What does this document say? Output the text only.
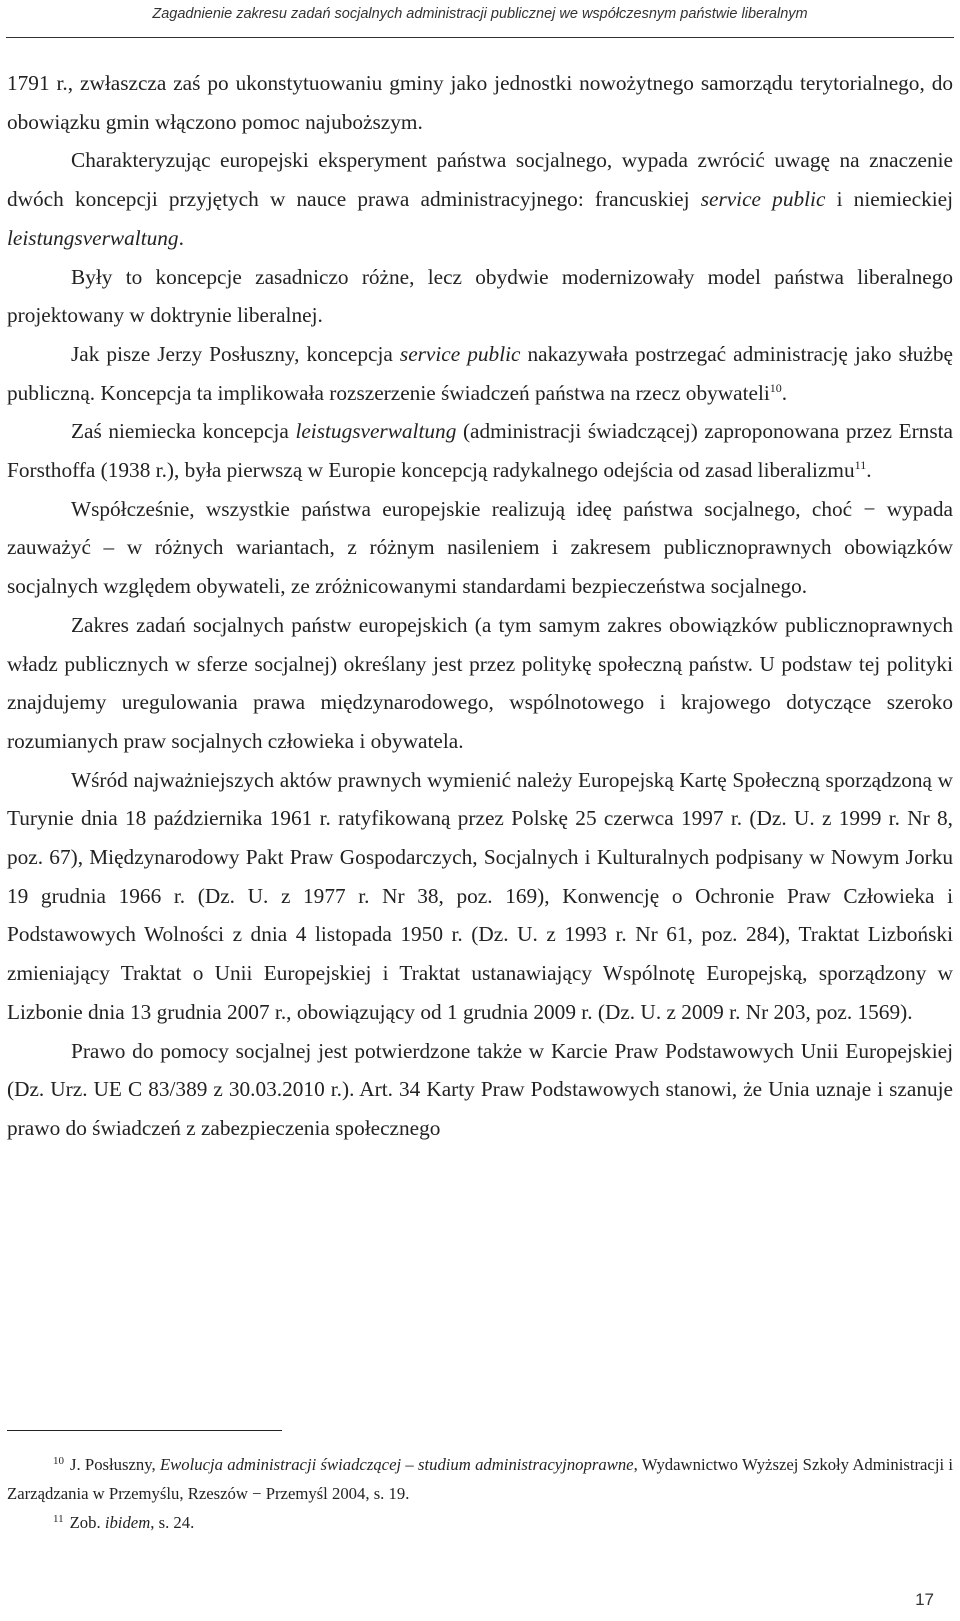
Zagadnienie zakresu zadań socjalnych administracji publicznej we współczesnym państwie liberalnym

1791 r., zwłaszcza zaś po ukonstytuowaniu gminy jako jednostki nowożytnego samorządu terytorialnego, do obowiązku gmin włączono pomoc najuboższym.

Charakteryzując europejski eksperyment państwa socjalnego, wypada zwrócić uwagę na znaczenie dwóch koncepcji przyjętych w nauce prawa administracyjnego: francuskiej service public i niemieckiej leistungsverwaltung.

Były to koncepcje zasadniczo różne, lecz obydwie modernizowały model państwa liberalnego projektowany w doktrynie liberalnej.

Jak pisze Jerzy Posłuszny, koncepcja service public nakazywała postrzegać administrację jako służbę publiczną. Koncepcja ta implikowała rozszerzenie świadczeń państwa na rzecz obywateli$^{10}$.

Zaś niemiecka koncepcja leistugsverwaltung (administracji świadczącej) zaproponowana przez Ernsta Forsthoffa (1938 r.), była pierwszą w Europie koncepcją radykalnego odejścia od zasad liberalizmu$^{11}$.

Współcześnie, wszystkie państwa europejskie realizują ideę państwa socjalnego, choć − wypada zauważyć – w różnych wariantach, z różnym nasileniem i zakresem publicznoprawnych obowiązków socjalnych względem obywateli, ze zróżnicowanymi standardami bezpieczeństwa socjalnego.

Zakres zadań socjalnych państw europejskich (a tym samym zakres obowiązków publicznoprawnych władz publicznych w sferze socjalnej) określany jest przez politykę społeczną państw. U podstaw tej polityki znajdujemy uregulowania prawa międzynarodowego, wspólnotowego i krajowego dotyczące szeroko rozumianych praw socjalnych człowieka i obywatela.

Wśród najważniejszych aktów prawnych wymienić należy Europejską Kartę Społeczną sporządzoną w Turynie dnia 18 października 1961 r. ratyfikowaną przez Polskę 25 czerwca 1997 r. (Dz. U. z 1999 r. Nr 8, poz. 67), Międzynarodowy Pakt Praw Gospodarczych, Socjalnych i Kulturalnych podpisany w Nowym Jorku 19 grudnia 1966 r. (Dz. U. z 1977 r. Nr 38, poz. 169), Konwencję o Ochronie Praw Człowieka i Podstawowych Wolności z dnia 4 listopada 1950 r. (Dz. U. z 1993 r. Nr 61, poz. 284), Traktat Lizboński zmieniający Traktat o Unii Europejskiej i Traktat ustanawiający Wspólnotę Europejską, sporządzony w Lizbonie dnia 13 grudnia 2007 r., obowiązujący od 1 grudnia 2009 r. (Dz. U. z 2009 r. Nr 203, poz. 1569).

Prawo do pomocy socjalnej jest potwierdzone także w Karcie Praw Podstawowych Unii Europejskiej (Dz. Urz. UE C 83/389 z 30.03.2010 r.). Art. 34 Karty Praw Podstawowych stanowi, że Unia uznaje i szanuje prawo do świadczeń z zabezpieczenia społecznego

$^{10}$ J. Posłuszny, Ewolucja administracji świadczącej – studium administracyjnoprawne, Wydawnictwo Wyższej Szkoły Administracji i Zarządzania w Przemyślu, Rzeszów − Przemyśl 2004, s. 19.

$^{11}$ Zob. ibidem, s. 24.

17
